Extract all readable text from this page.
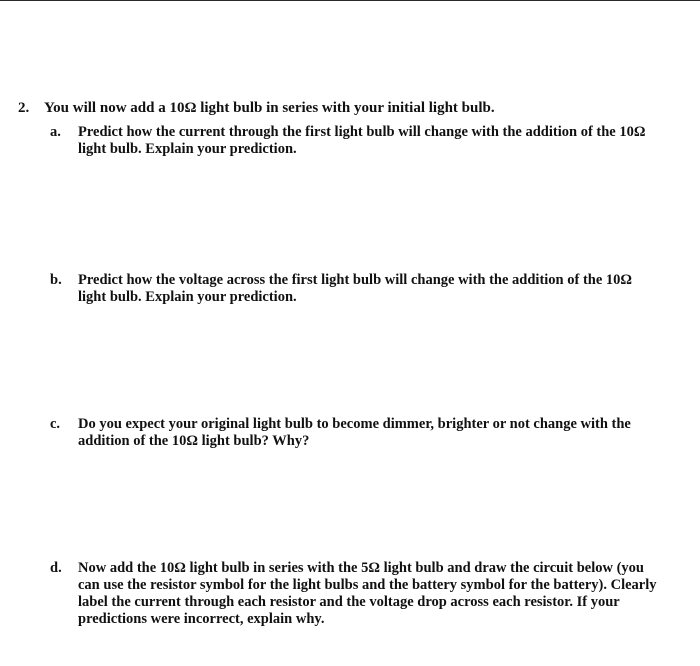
2. You will now add a 10Ω light bulb in series with your initial light bulb.
a.	Predict how the current through the first light bulb will change with the addition of the 10Ω light bulb. Explain your prediction.
b.	Predict how the voltage across the first light bulb will change with the addition of the 10Ω light bulb. Explain your prediction.
c.	Do you expect your original light bulb to become dimmer, brighter or not change with the addition of the 10Ω light bulb? Why?
d.	Now add the 10Ω light bulb in series with the 5Ω light bulb and draw the circuit below (you can use the resistor symbol for the light bulbs and the battery symbol for the battery). Clearly label the current through each resistor and the voltage drop across each resistor. If your predictions were incorrect, explain why.
